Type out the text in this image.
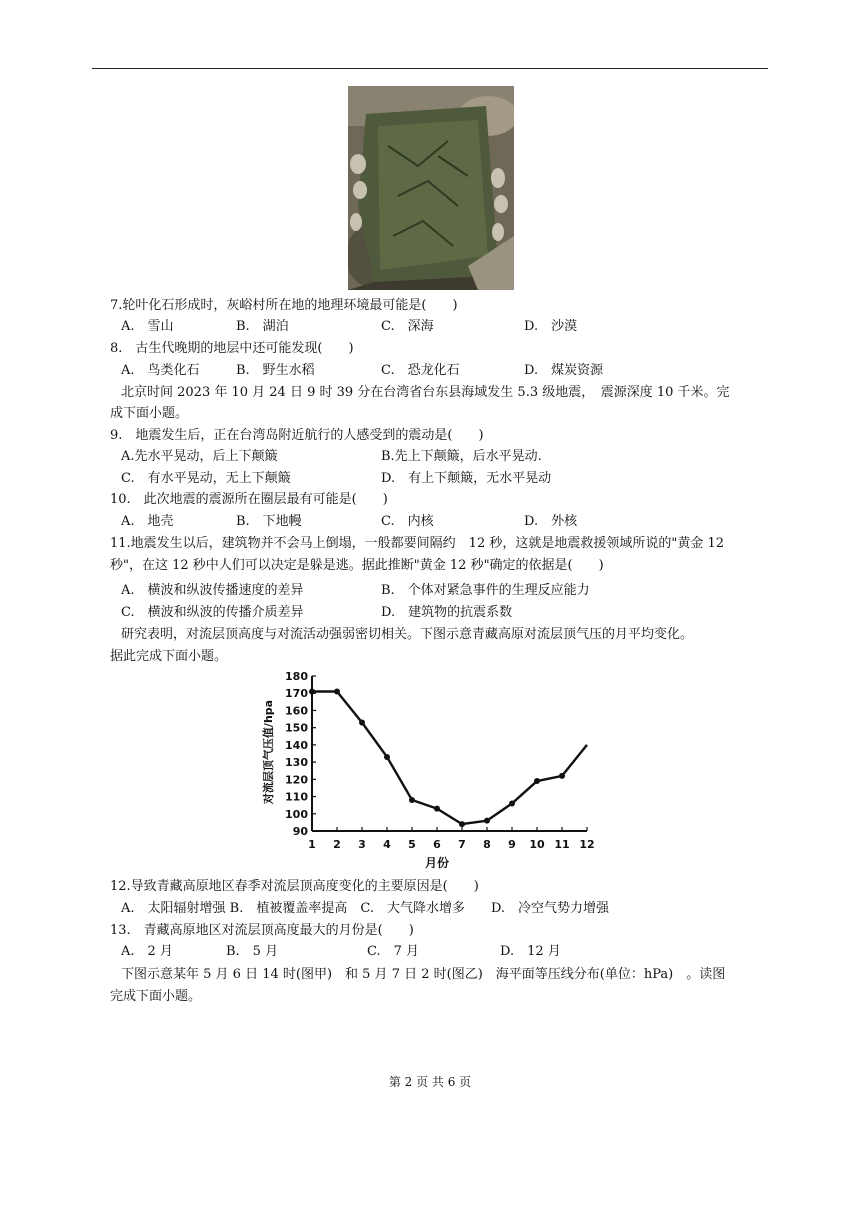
7.轮叶化石形成时，灰峪村所在地的地理环境最可能是(　　)
A.　雪山	B.　湖泊	C.　深海	D.　沙漠
8.　古生代晚期的地层中还可能发现(　　)
A.　鸟类化石	B.　野生水稻	C.　恐龙化石	D.　煤炭资源
北京时间 2023 年 10 月 24 日 9 时 39 分在台湾省台东县海域发生 5.3 级地震，　震源深度 10 千米。完
成下面小题。
9.　地震发生后，正在台湾岛附近航行的人感受到的震动是(　　)
A.先水平晃动，后上下颠簸	B.先上下颠簸，后水平晃动.
C.　有水平晃动，无上下颠簸	D.　有上下颠簸，无水平晃动
10.　此次地震的震源所在圈层最有可能是(　　)
A.　地壳	B.　下地幔	C.　内核	D.　外核
11.地震发生以后，建筑物并不会马上倒塌，一般都要间隔约　12 秒，这就是地震救援领域所说的"黄金 12
秒"，在这 12 秒中人们可以决定是躲是逃。据此推断"黄金 12 秒"确定的依据是(　　)
A.　横波和纵波传播速度的差异	B.　个体对紧急事件的生理反应能力
C.　横波和纵波的传播介质差异	D.　建筑物的抗震系数
研究表明，对流层顶高度与对流活动强弱密切相关。下图示意青藏高原对流层顶气压的月平均变化。
据此完成下面小题。
对流层顶气压值/hpa
月份
90
100
110
120
130
140
150
160
170
180
1 2 3 4 5 6 7 8 9 10 11 12
12.导致青藏高原地区春季对流层顶高度变化的主要原因是(　　)
A.　太阳辐射增强 B.　植被覆盖率提高　C.　大气降水增多　　D.　冷空气势力增强
13.　青藏高原地区对流层顶高度最大的月份是(　　)
A.　2 月	B.　5 月	C.　7 月	D.　12 月
下图示意某年 5 月 6 日 14 时(图甲)　和 5 月 7 日 2 时(图乙)　海平面等压线分布(单位：hPa)　。读图
完成下面小题。
第 2 页 共 6 页
